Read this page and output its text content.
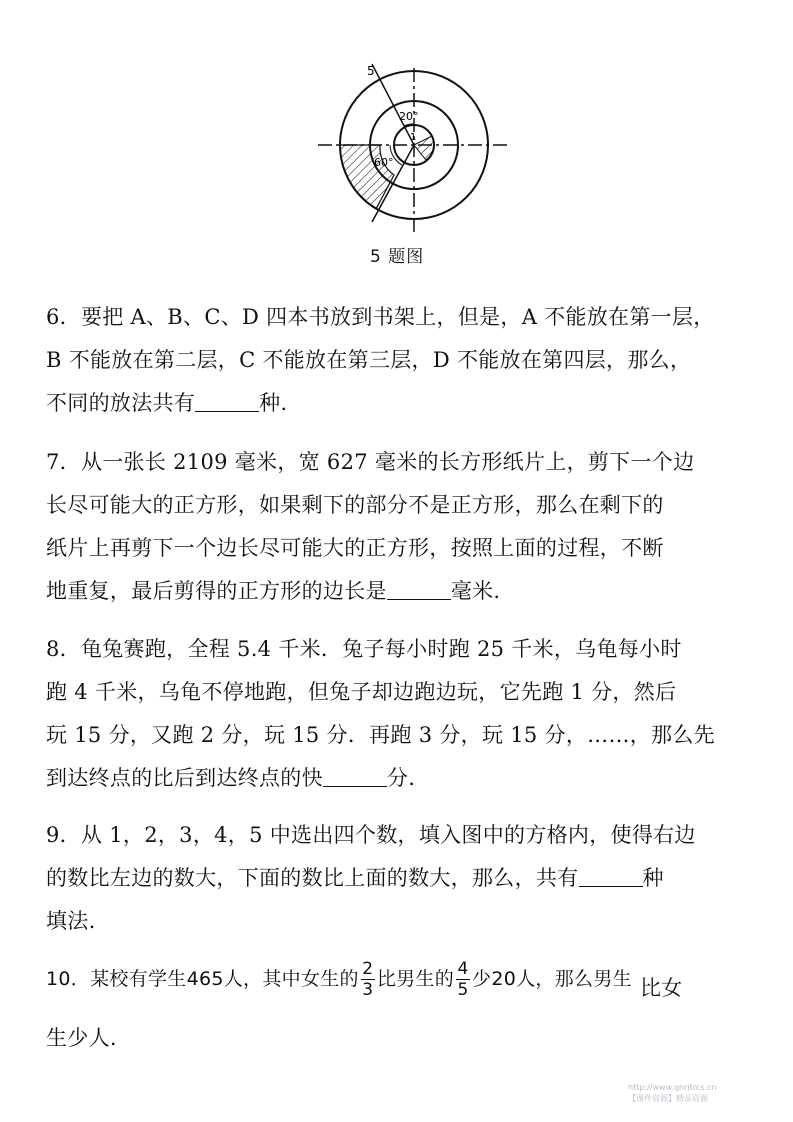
5
20°
1
60°
5 题图
6．要把 A、B、C、D 四本书放到书架上，但是，A 不能放在第一层，
B 不能放在第二层，C 不能放在第三层，D 不能放在第四层，那么，
不同的放法共有	种.
7．从一张长 2109 毫米，宽 627 毫米的长方形纸片上，剪下一个边
长尽可能大的正方形，如果剩下的部分不是正方形，那么在剩下的
纸片上再剪下一个边长尽可能大的正方形，按照上面的过程，不断
地重复，最后剪得的正方形的边长是	毫米.
8．龟兔赛跑，全程 5.4 千米．兔子每小时跑 25 千米，乌龟每小时
跑 4 千米，乌龟不停地跑，但兔子却边跑边玩，它先跑 1 分，然后
玩 15 分，又跑 2 分，玩 15 分．再跑 3 分，玩 15 分，……，那么先
到达终点的比后到达终点的快	分.
9．从 1，2，3，4，5 中选出四个数，填入图中的方格内，使得右边
的数比左边的数大，下面的数比上面的数大，那么，共有	种
填法.
10．某校有学生465人，其中女生的 $\frac{2}{3}$ 比男生的 $\frac{4}{5}$ 少20人，那么男生 比女
生少人.
http://www.qnrjtrcs.cn
【课件资源】精品资源
